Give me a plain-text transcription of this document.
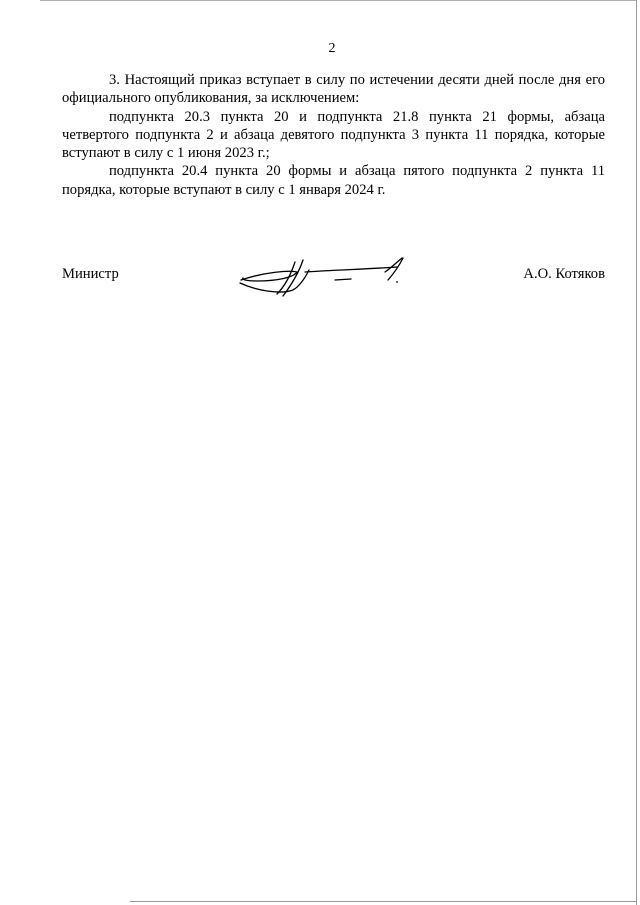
2

3. Настоящий приказ вступает в силу по истечении десяти дней после дня его официального опубликования, за исключением:

подпункта 20.3 пункта 20 и подпункта 21.8 пункта 21 формы, абзаца четвертого подпункта 2 и абзаца девятого подпункта 3 пункта 11 порядка, которые вступают в силу с 1 июня 2023 г.;

подпункта 20.4 пункта 20 формы и абзаца пятого подпункта 2 пункта 11 порядка, которые вступают в силу с 1 января 2024 г.

Министр	А.О. Котяков
